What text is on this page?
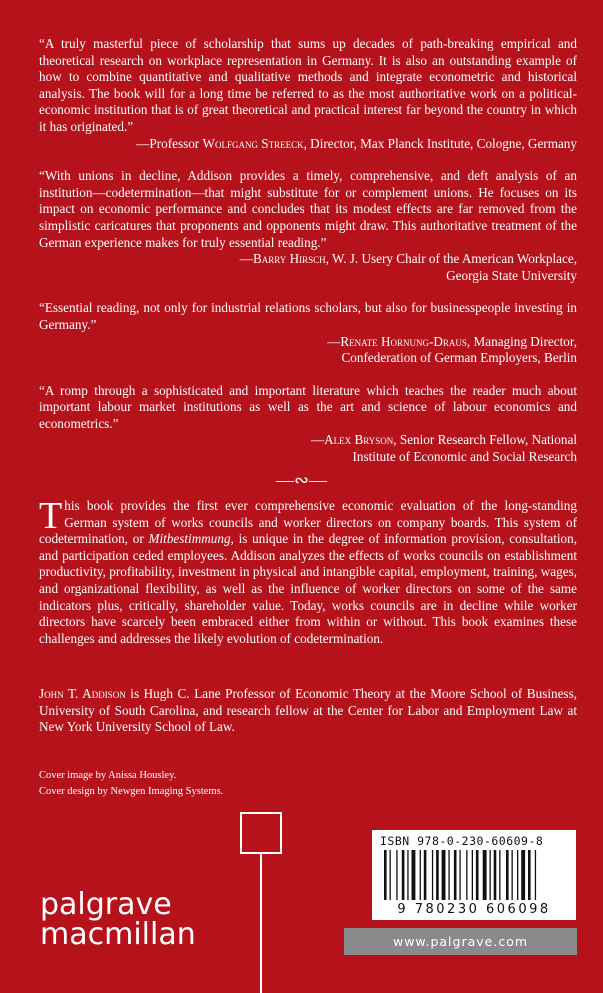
“A truly masterful piece of scholarship that sums up decades of path-breaking empirical and theoretical research on workplace representation in Germany. It is also an outstanding example of how to combine quantitative and qualitative methods and integrate econometric and historical analysis. The book will for a long time be referred to as the most authoritative work on a political-economic institution that is of great theoretical and practical interest far beyond the country in which it has originated.”

—Professor Wolfgang Streeck, Director, Max Planck Institute, Cologne, Germany

“With unions in decline, Addison provides a timely, comprehensive, and deft analysis of an institution—codetermination—that might substitute for or complement unions. He focuses on its impact on economic performance and concludes that its modest effects are far removed from the simplistic caricatures that proponents and opponents might draw. This authoritative treatment of the German experience makes for truly essential reading.”

—Barry Hirsch, W. J. Usery Chair of the American Workplace,

Georgia State University

“Essential reading, not only for industrial relations scholars, but also for businesspeople investing in Germany.”

—Renate Hornung-Draus, Managing Director,

Confederation of German Employers, Berlin

“A romp through a sophisticated and important literature which teaches the reader much about important labour market institutions as well as the art and science of labour economics and econometrics.”

—Alex Bryson, Senior Research Fellow, National

Institute of Economic and Social Research

—∾—

This book provides the first ever comprehensive economic evaluation of the long-standing German system of works councils and worker directors on company boards. This system of codetermination, or Mitbestimmung, is unique in the degree of information provision, consultation, and participation ceded employees. Addison analyzes the effects of works councils on establishment productivity, profitability, investment in physical and intangible capital, employment, training, wages, and organizational flexibility, as well as the influence of worker directors on some of the same indicators plus, critically, shareholder value. Today, works councils are in decline while worker directors have scarcely been embraced either from within or without. This book examines these challenges and addresses the likely evolution of codetermination.

John T. Addison is Hugh C. Lane Professor of Economic Theory at the Moore School of Business, University of South Carolina, and research fellow at the Center for Labor and Employment Law at New York University School of Law.

Cover image by Anissa Housley.
Cover design by Newgen Imaging Systems.
palgrave
macmillan
ISBN 978-0-230-60609-8
9 780230 606098
www.palgrave.com
